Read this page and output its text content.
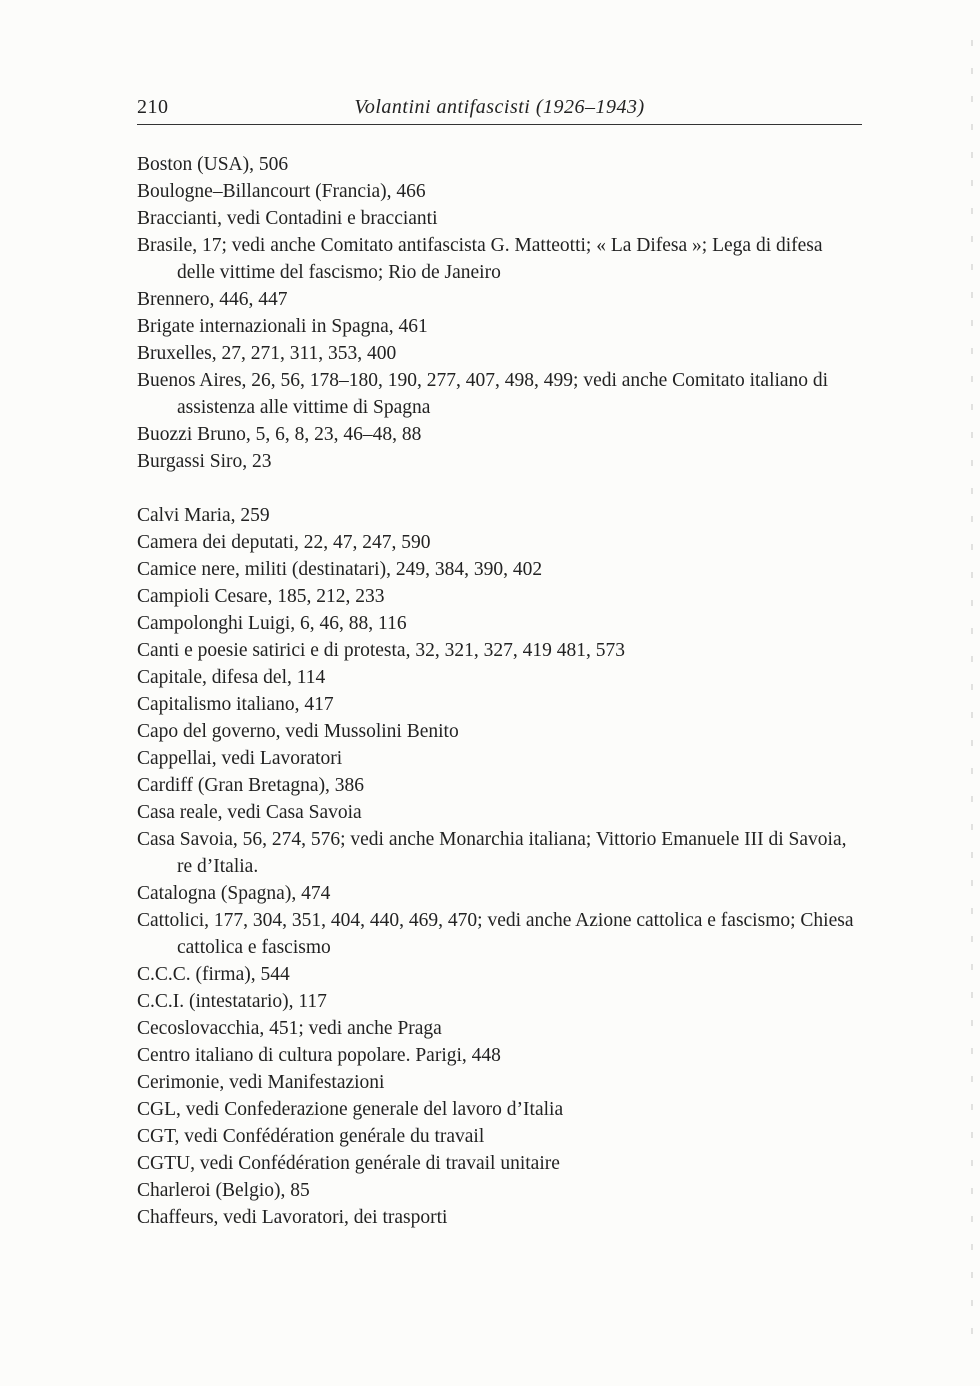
210	Volantini antifascisti (1926–1943)
Boston (USA), 506
Boulogne–Billancourt (Francia), 466
Braccianti, vedi Contadini e braccianti
Brasile, 17; vedi anche Comitato antifascista G. Matteotti; « La Difesa »; Lega di difesa delle vittime del fascismo; Rio de Janeiro
Brennero, 446, 447
Brigate internazionali in Spagna, 461
Bruxelles, 27, 271, 311, 353, 400
Buenos Aires, 26, 56, 178–180, 190, 277, 407, 498, 499; vedi anche Comitato italiano di assistenza alle vittime di Spagna
Buozzi Bruno, 5, 6, 8, 23, 46–48, 88
Burgassi Siro, 23
Calvi Maria, 259
Camera dei deputati, 22, 47, 247, 590
Camice nere, militi (destinatari), 249, 384, 390, 402
Campioli Cesare, 185, 212, 233
Campolonghi Luigi, 6, 46, 88, 116
Canti e poesie satirici e di protesta, 32, 321, 327, 419 481, 573
Capitale, difesa del, 114
Capitalismo italiano, 417
Capo del governo, vedi Mussolini Benito
Cappellai, vedi Lavoratori
Cardiff (Gran Bretagna), 386
Casa reale, vedi Casa Savoia
Casa Savoia, 56, 274, 576; vedi anche Monarchia italiana; Vittorio Emanuele III di Savoia, re d’Italia.
Catalogna (Spagna), 474
Cattolici, 177, 304, 351, 404, 440, 469, 470; vedi anche Azione cattolica e fascismo; Chiesa cattolica e fascismo
C.C.C. (firma), 544
C.C.I. (intestatario), 117
Cecoslovacchia, 451; vedi anche Praga
Centro italiano di cultura popolare. Parigi, 448
Cerimonie, vedi Manifestazioni
CGL, vedi Confederazione generale del lavoro d’Italia
CGT, vedi Confédération genérale du travail
CGTU, vedi Confédération genérale di travail unitaire
Charleroi (Belgio), 85
Chaffeurs, vedi Lavoratori, dei trasporti
